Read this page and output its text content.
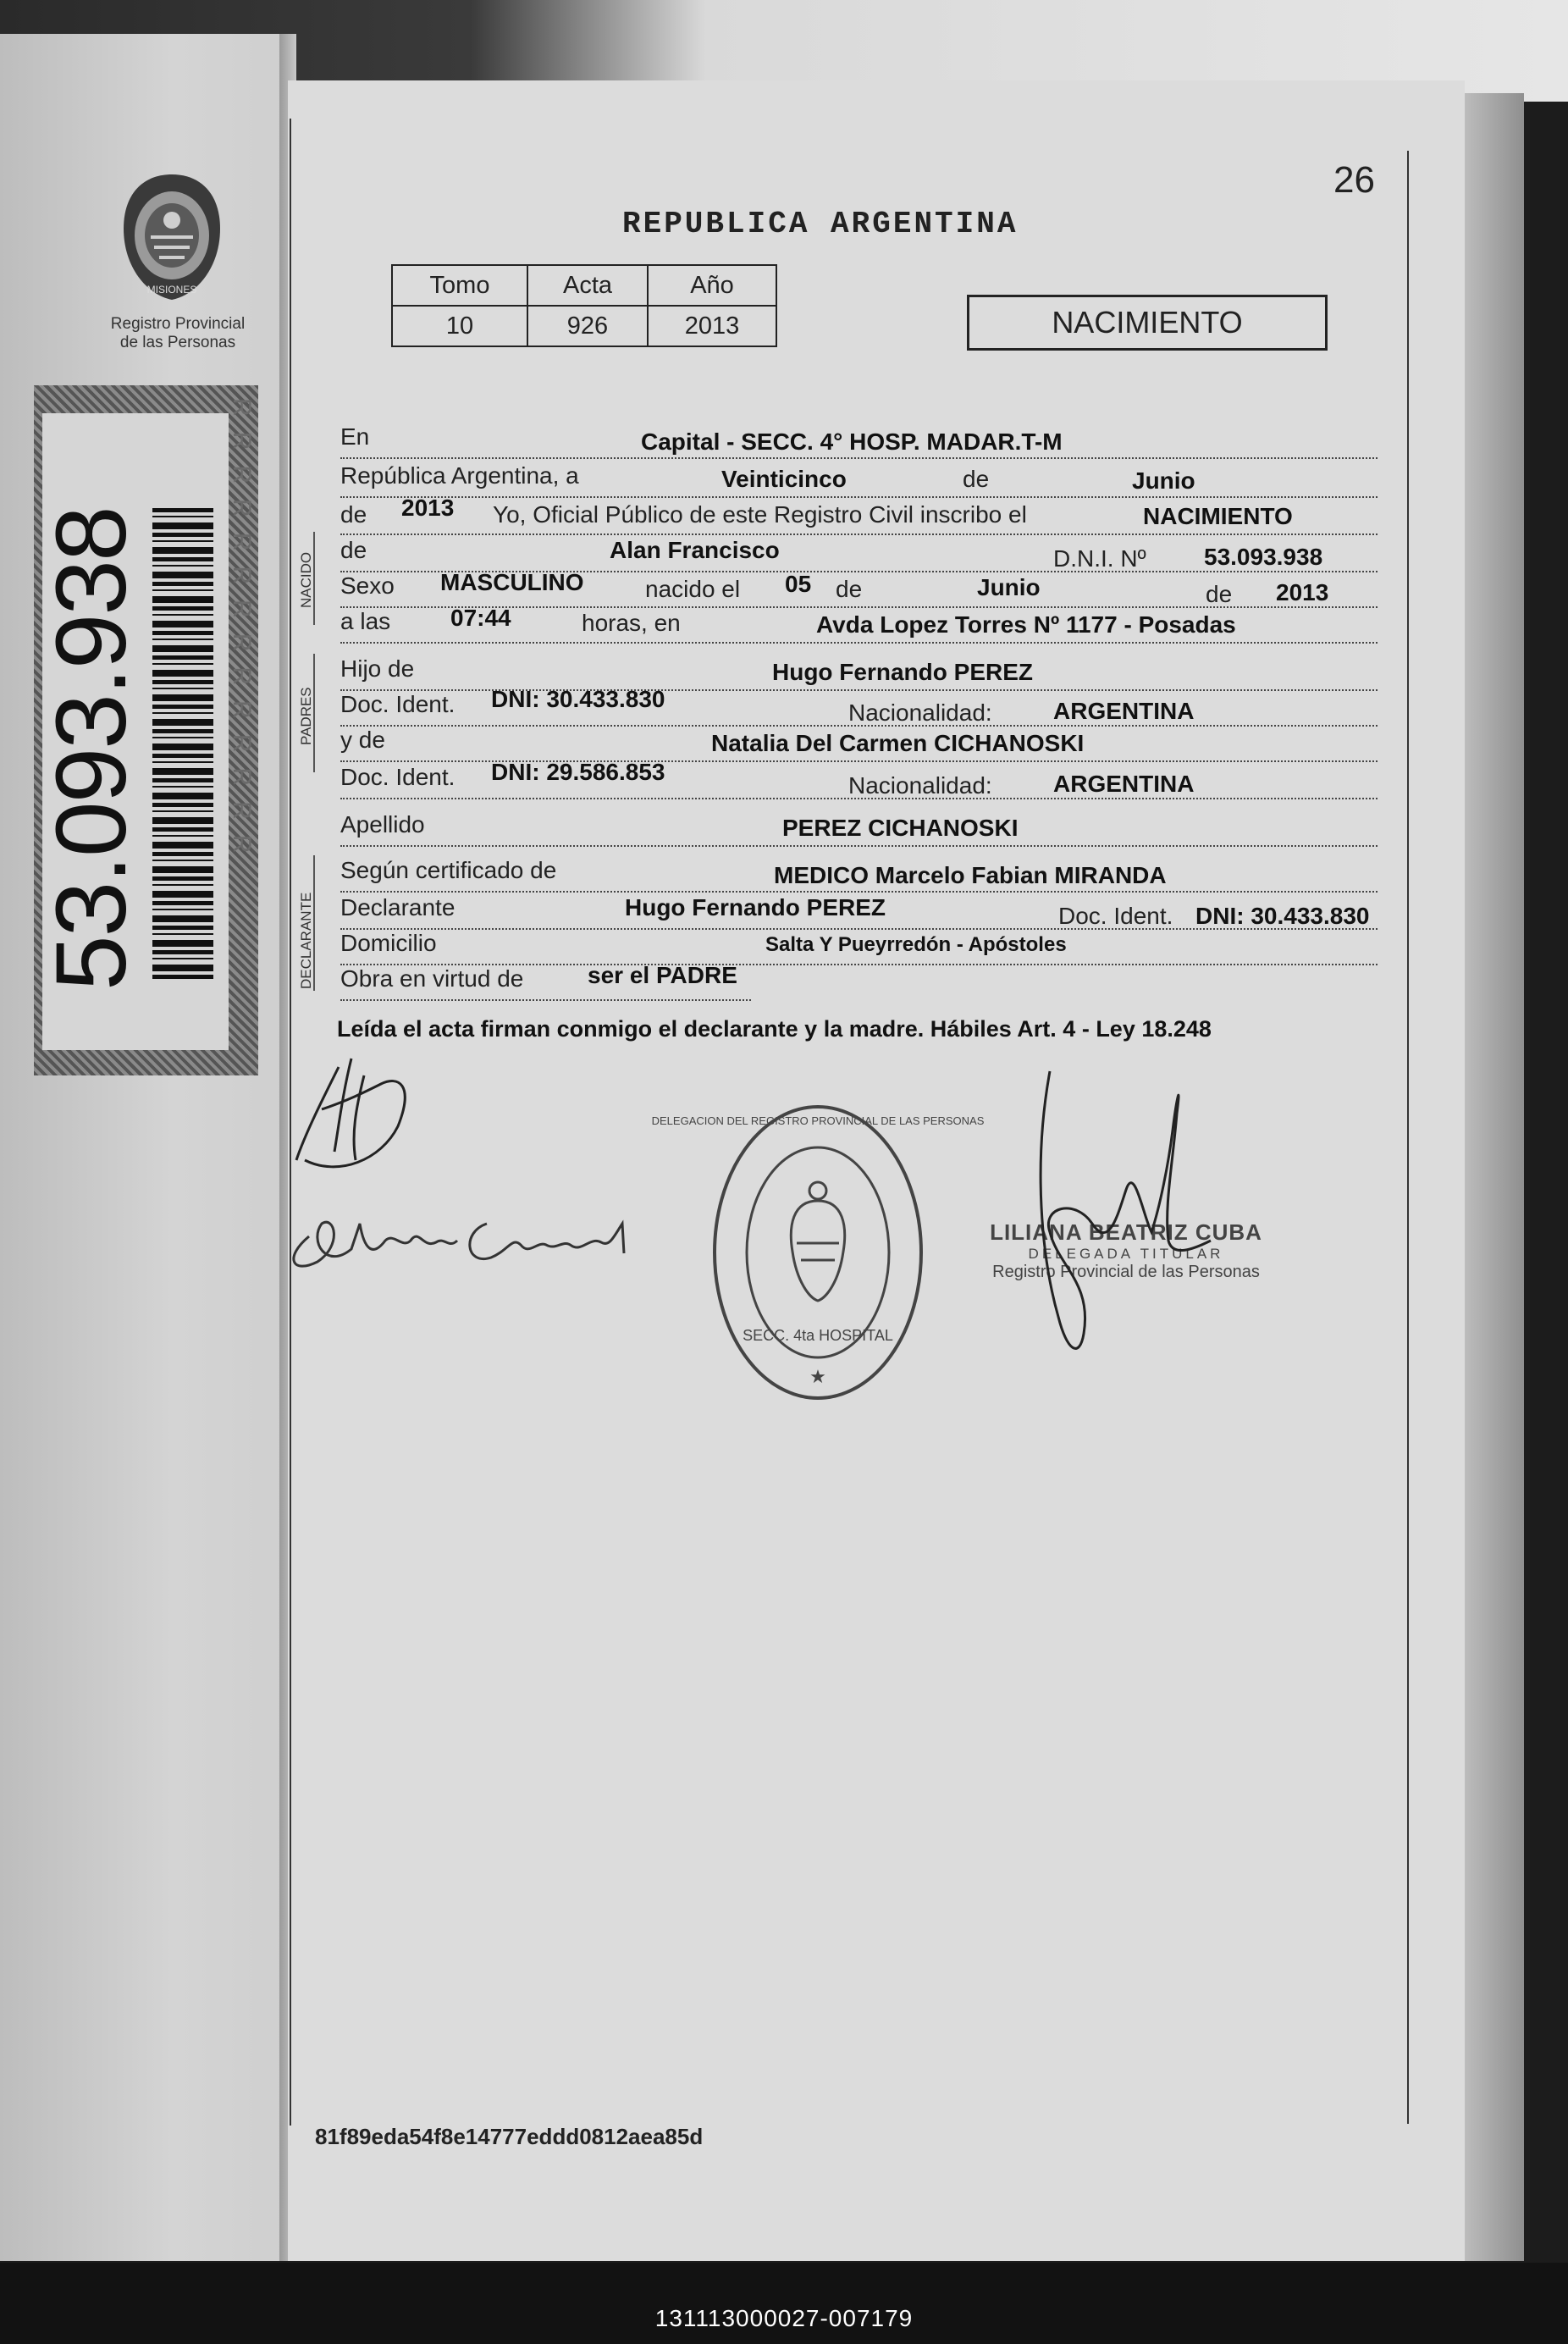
131113000027-007179
MISIONES
Registro Provincial
de las Personas
RRRRRRRRRRRRRR
53.093.938	NACIDO
PADRES
DECLARANTE
26
REPUBLICA ARGENTINA
Tomo	Acta	Año
10	926	2013	NACIMIENTO
En	Capital - SECC. 4° HOSP. MADAR.T-M
República Argentina, a	Veinticinco	de	Junio
de 2013 Yo, Oficial Público de este Registro Civil inscribo el	NACIMIENTO
de	Alan Francisco	D.N.I. Nº 53.093.938
Sexo MASCULINO	nacido el 05 de	Junio	de 2013
a las	07:44	horas, en	Avda Lopez Torres Nº 1177 - Posadas
Hijo de	Hugo Fernando PEREZ
Doc. Ident. DNI: 30.433.830
Nacionalidad:	ARGENTINA
y de	Natalia Del Carmen CICHANOSKI
Doc. Ident. DNI: 29.586.853
Nacionalidad:	ARGENTINA
Apellido	PEREZ CICHANOSKI
Según certificado de	MEDICO Marcelo Fabian MIRANDA
Declarante	Hugo Fernando PEREZ	Doc. Ident. DNI: 30.433.830
Domicilio	Salta Y Pueyrredón - Apóstoles
Obra en virtud de	ser el PADRE
Leída el acta firman conmigo el declarante y la madre. Hábiles Art. 4 - Ley 18.248
Natalia Cichanoski
★
DELEGACION DEL REGISTRO PROVINCIAL DE LAS PERSONAS
SECC. 4ta HOSPITAL
LILIANA BEATRIZ CUBA
DELEGADA TITULAR
Registro Provincial de las Personas
81f89eda54f8e14777eddd0812aea85d
